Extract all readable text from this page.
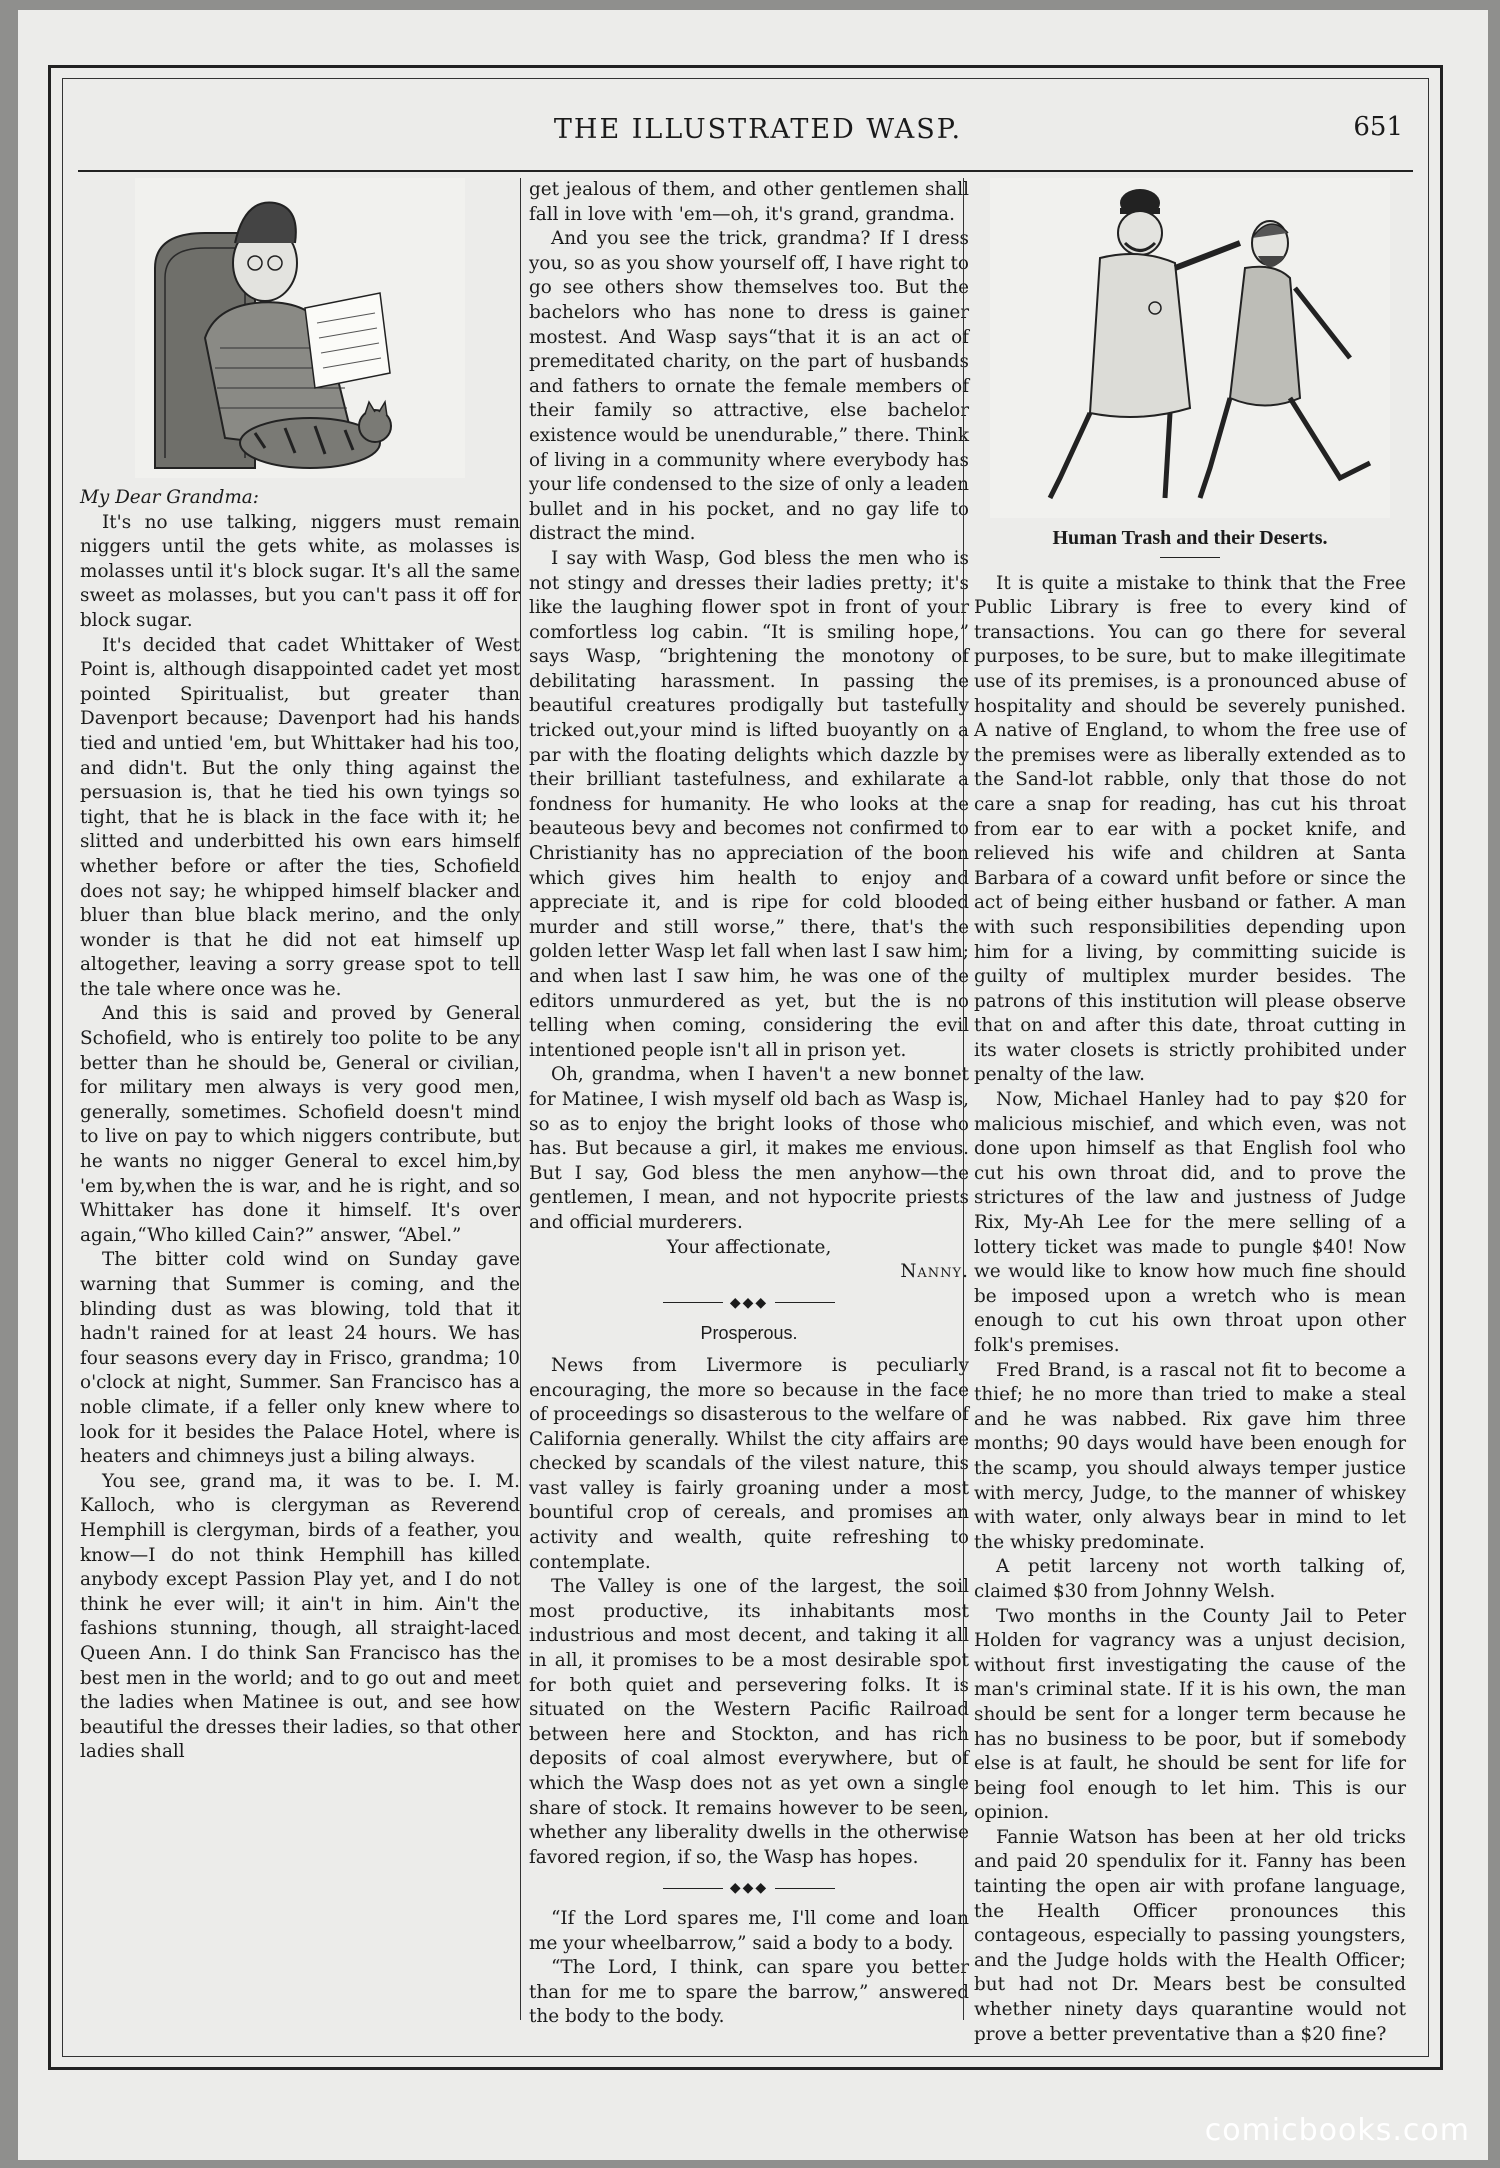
THE ILLUSTRATED WASP.	651

My Dear Grandma:

It's no use talking, niggers must remain niggers until the gets white, as molasses is molasses until it's block sugar. It's all the same sweet as molasses, but you can't pass it off for block sugar.

It's decided that cadet Whittaker of West Point is, although disappointed cadet yet most pointed Spiritualist, but greater than Davenport because; Davenport had his hands tied and untied 'em, but Whittaker had his too, and didn't. But the only thing against the persuasion is, that he tied his own tyings so tight, that he is black in the face with it; he slitted and underbitted his own ears himself whether before or after the ties, Schofield does not say; he whipped himself blacker and bluer than blue black merino, and the only wonder is that he did not eat himself up altogether, leaving a sorry grease spot to tell the tale where once was he.

And this is said and proved by General Schofield, who is entirely too polite to be any better than he should be, General or civilian, for military men always is very good men, generally, sometimes. Schofield doesn't mind to live on pay to which niggers contribute, but he wants no nigger General to excel him,by 'em by,when the is war, and he is right, and so Whittaker has done it himself. It's over again,“Who killed Cain?” answer, “Abel.”

The bitter cold wind on Sunday gave warning that Summer is coming, and the blinding dust as was blowing, told that it hadn't rained for at least 24 hours. We has four seasons every day in Frisco, grandma; 10 o'clock at night, Summer. San Francisco has a noble climate, if a feller only knew where to look for it besides the Palace Hotel, where is heaters and chimneys just a biling always.

You see, grand ma, it was to be. I. M. Kalloch, who is clergyman as Reverend Hemphill is clergyman, birds of a feather, you know—I do not think Hemphill has killed anybody except Passion Play yet, and I do not think he ever will; it ain't in him. Ain't the fashions stunning, though, all straight-laced Queen Ann. I do think San Francisco has the best men in the world; and to go out and meet the ladies when Matinee is out, and see how beautiful the dresses their ladies, so that other ladies shall

get jealous of them, and other gentlemen shall fall in love with 'em—oh, it's grand, grandma.

And you see the trick, grandma? If I dress you, so as you show yourself off, I have right to go see others show themselves too. But the bachelors who has none to dress is gainer mostest. And Wasp says“that it is an act of premeditated charity, on the part of husbands and fathers to ornate the female members of their family so attractive, else bachelor existence would be unendurable,” there. Think of living in a community where everybody has your life condensed to the size of only a leaden bullet and in his pocket, and no gay life to distract the mind.

I say with Wasp, God bless the men who is not stingy and dresses their ladies pretty; it's like the laughing flower spot in front of your comfortless log cabin. “It is smiling hope,” says Wasp, “brightening the monotony of debilitating harassment. In passing the beautiful creatures prodigally but tastefully tricked out,your mind is lifted buoyantly on a par with the floating delights which dazzle by their brilliant tastefulness, and exhilarate a fondness for humanity. He who looks at the beauteous bevy and becomes not confirmed to Christianity has no appreciation of the boon which gives him health to enjoy and appreciate it, and is ripe for cold blooded murder and still worse,” there, that's the golden letter Wasp let fall when last I saw him; and when last I saw him, he was one of the editors unmurdered as yet, but the is no telling when coming, considering the evil intentioned people isn't all in prison yet.

Oh, grandma, when I haven't a new bonnet for Matinee, I wish myself old bach as Wasp is, so as to enjoy the bright looks of those who has. But because a girl, it makes me envious. But I say, God bless the men anyhow—the gentlemen, I mean, and not hypocrite priests and official murderers.

Your affectionate,

Nanny.

◆◆◆

Prosperous.

News from Livermore is peculiarly encouraging, the more so because in the face of proceedings so disasterous to the welfare of California generally. Whilst the city affairs are checked by scandals of the vilest nature, this vast valley is fairly groaning under a most bountiful crop of cereals, and promises an activity and wealth, quite refreshing to contemplate.

The Valley is one of the largest, the soil most productive, its inhabitants most industrious and most decent, and taking it all in all, it promises to be a most desirable spot for both quiet and persevering folks. It is situated on the Western Pacific Railroad between here and Stockton, and has rich deposits of coal almost everywhere, but of which the Wasp does not as yet own a single share of stock. It remains however to be seen, whether any liberality dwells in the otherwise favored region, if so, the Wasp has hopes.

◆◆◆

“If the Lord spares me, I'll come and loan me your wheelbarrow,” said a body to a body.

“The Lord, I think, can spare you better than for me to spare the barrow,” answered the body to the body.

Human Trash and their Deserts.

It is quite a mistake to think that the Free Public Library is free to every kind of transactions. You can go there for several purposes, to be sure, but to make illegitimate use of its premises, is a pronounced abuse of hospitality and should be severely punished. A native of England, to whom the free use of the premises were as liberally extended as to the Sand-lot rabble, only that those do not care a snap for reading, has cut his throat from ear to ear with a pocket knife, and relieved his wife and children at Santa Barbara of a coward unfit before or since the act of being either husband or father. A man with such responsibilities depending upon him for a living, by committing suicide is guilty of multiplex murder besides. The patrons of this institution will please observe that on and after this date, throat cutting in its water closets is strictly prohibited under penalty of the law.

Now, Michael Hanley had to pay $20 for malicious mischief, and which even, was not done upon himself as that English fool who cut his own throat did, and to prove the strictures of the law and justness of Judge Rix, My-Ah Lee for the mere selling of a lottery ticket was made to pungle $40! Now we would like to know how much fine should be imposed upon a wretch who is mean enough to cut his own throat upon other folk's premises.

Fred Brand, is a rascal not fit to become a thief; he no more than tried to make a steal and he was nabbed. Rix gave him three months; 90 days would have been enough for the scamp, you should always temper justice with mercy, Judge, to the manner of whiskey with water, only always bear in mind to let the whisky predominate.

A petit larceny not worth talking of, claimed $30 from Johnny Welsh.

Two months in the County Jail to Peter Holden for vagrancy was a unjust decision, without first investigating the cause of the man's criminal state. If it is his own, the man should be sent for a longer term because he has no business to be poor, but if somebody else is at fault, he should be sent for life for being fool enough to let him. This is our opinion.

Fannie Watson has been at her old tricks and paid 20 spendulix for it. Fanny has been tainting the open air with profane language, the Health Officer pronounces this contageous, especially to passing youngsters, and the Judge holds with the Health Officer; but had not Dr. Mears best be consulted whether ninety days quarantine would not prove a better preventative than a $20 fine?

comicbooks.com
